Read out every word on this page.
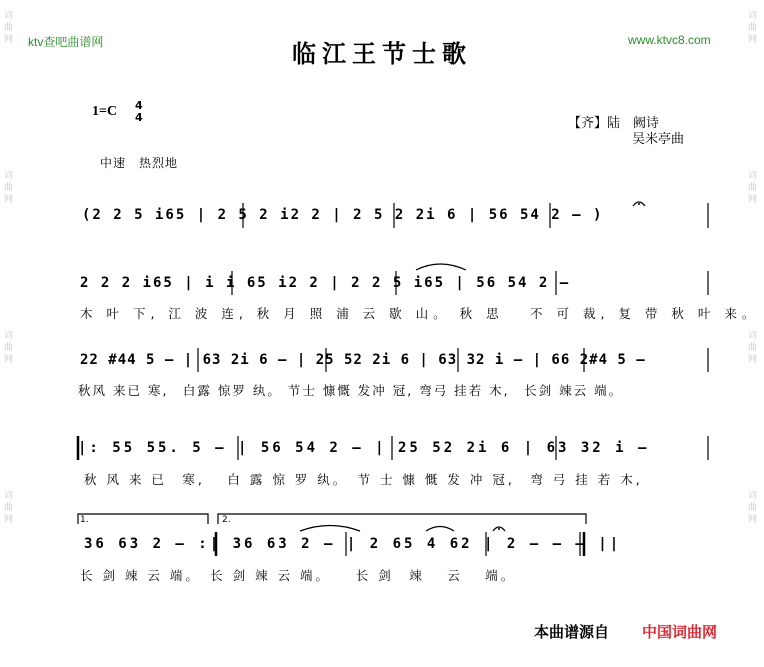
ktv查吧曲谱网	www.ktvc8.com
临江王节士歌
1=C 4
4	【齐】陆　阙诗
吴米亭曲
中速　热烈地
(2 2 5 i65 | 2 5 2 i2 2 | 2 5 2 2i 6 | 56 54 2 – )
2 2 2 i65 | i i 65 i2 2 | 2 2 5 i65 | 56 54 2 –
木 叶 下, 江 波 连, 秋 月 照 浦 云 歇 山。 秋 思　 不 可 裁, 复 带 秋 叶 来。
22 #44 5 – | 63 2i 6 – | 25 52 2i 6 | 63 32 i – | 66 2#4 5 –
秋风 来已 寒,　白露 惊罗 纨。 节士 慷慨 发冲 冠, 弯弓 挂若 木,　长剑 竦云 端。
|: 55 55. 5 – | 56 54 2 – | 25 52 2i 6 | 63 32 i –
秋 风 来 已　寒,　 白 露 惊 罗 纨。　节 士 慷 慨 发 冲 冠,　弯 弓 挂 若 木,
1.	2.
36 63 2 – :| 36 63 2 – | 2 65 4 62 | 2 – – – ||
长 剑 竦 云 端。　长 剑 竦 云 端。　　长 剑　竦　 云　 端。
词
曲
网
词
曲
网
词
曲
网
词
曲
网
词
曲
网
词
曲
网
词
曲
网
词
曲
网
本曲谱源自 中国词曲网
